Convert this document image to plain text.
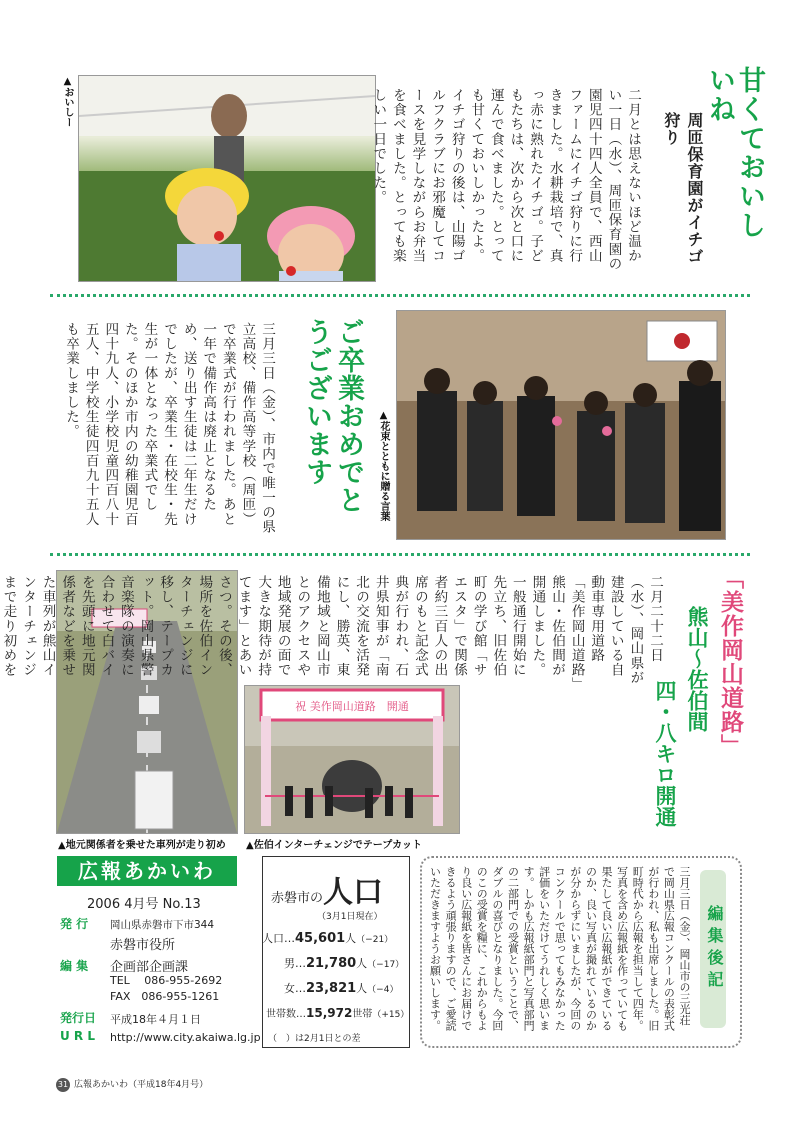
▲おいしー	二月とは思えないほど温かい一日（水）、周匝保育園の園児四十四人全員で、西山ファームにイチゴ狩りに行きました。水耕栽培で、真っ赤に熟れたイチゴ。子どもたちは、次から次と口に運んで食べました。とっても甘くておいしかったよ。イチゴ狩りの後は、山陽ゴルフクラブにお邪魔してコースを見学しながらお弁当を食べました。とっても楽しい一日でした。	甘くておいしいね
周匝保育園がイチゴ狩り
▲花束とともに贈る言葉
ご卒業おめでとうございます
三月三日（金）、市内で唯一の県立高校、備作高等学校（周匝）で卒業式が行われました。あと一年で備作高は廃止となるため、送り出す生徒は二年生だけでしたが、卒業生・在校生・先生が一体となった卒業式でした。そのほか市内の幼稚園児百四十九人、小学校児童四百八十五人、中学校生徒四百九十五人も卒業しました。
▲地元関係者を乗せた車列が走り初め
祝 美作岡山道路　開通
▲佐伯インターチェンジでテープカット
二月二十二日（水）、岡山県が建設している自動車専用道路「美作岡山道路」熊山・佐伯間が開通しました。一般通行開始に先立ち、旧佐伯町の学び館「サエスタ」で関係者約三百人の出席のもと記念式典が行われ、石井県知事が「南北の交流を活発にし、勝英、東備地域と岡山市とのアクセスや地域発展の面で大きな期待が持てます」とあいさつ。その後、場所を佐伯インターチェンジに移し、テープカット。岡山県警音楽隊の演奏に合わせて白バイを先頭に地元関係者などを乗せた車列が熊山インターチェンジまで走り初めを	「美作岡山道路」
熊山〜佐伯間
四・八キロ開通
広報あかいわ
2006 4月号 No.13
発 行 岡山県赤磐市下市344
赤磐市役所
編 集 企画部企画課
TEL　 086-955-2692
FAX　086-955-1261
発行日 平成18年４月１日
U R L http://www.city.akaiwa.lg.jp
赤磐市の人口
（3月1日現在）
人口…45,601人（−21）
男…21,780人（−17）
女…23,821人（−4）
世帯数…15,972世帯（+15）
（　）は2月1日との差
編集後記
三月三日（金）、岡山市の三光荘で岡山県広報コンクールの表彰式が行われ、私も出席しました。旧町時代から広報を担当して四年。写真を含め広報紙を作っていても果たして良い広報紙ができているのか、良い写真が撮れているのかが分からずにいましたが、今回のコンクールで思ってもみなかった評価をいただけてうれしく思います。しかも広報紙部門と写真部門の二部門での受賞ということで、ダブルの喜びとなりました。今回のこの受賞を糧に、これからもより良い広報紙を皆さんにお届けできるよう頑張りますので、ご愛読いただきますようお願いします。
31 広報あかいわ（平成18年4月号）
